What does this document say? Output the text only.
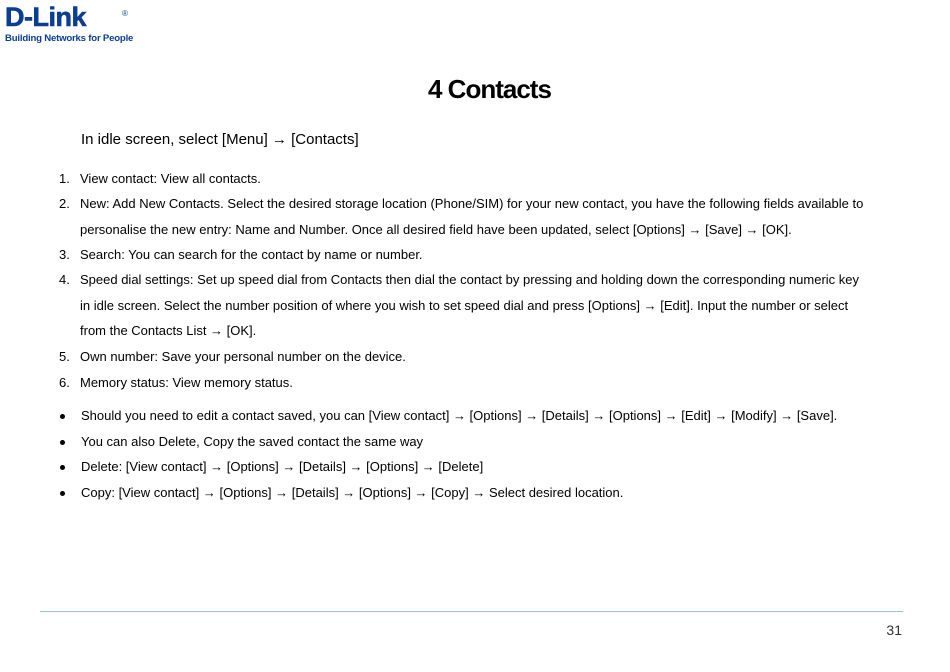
D-Link	®
Building Networks for People
4 Contacts
In idle screen, select [Menu] → [Contacts]
1. View contact: View all contacts.
2. New: Add New Contacts. Select the desired storage location (Phone/SIM) for your new contact, you have the following fields available to
personalise the new entry: Name and Number. Once all desired field have been updated, select [Options] → [Save] → [OK].
3. Search: You can search for the contact by name or number.
4. Speed dial settings: Set up speed dial from Contacts then dial the contact by pressing and holding down the corresponding numeric key
in idle screen. Select the number position of where you wish to set speed dial and press [Options] → [Edit]. Input the number or select
from the Contacts List → [OK].
5. Own number: Save your personal number on the device.
6. Memory status: View memory status.
Should you need to edit a contact saved, you can [View contact] → [Options] → [Details] → [Options] → [Edit] → [Modify] → [Save].
You can also Delete, Copy the saved contact the same way
Delete: [View contact] → [Options] → [Details] → [Options] → [Delete]
Copy: [View contact] → [Options] → [Details] → [Options] → [Copy] → Select desired location.
31
